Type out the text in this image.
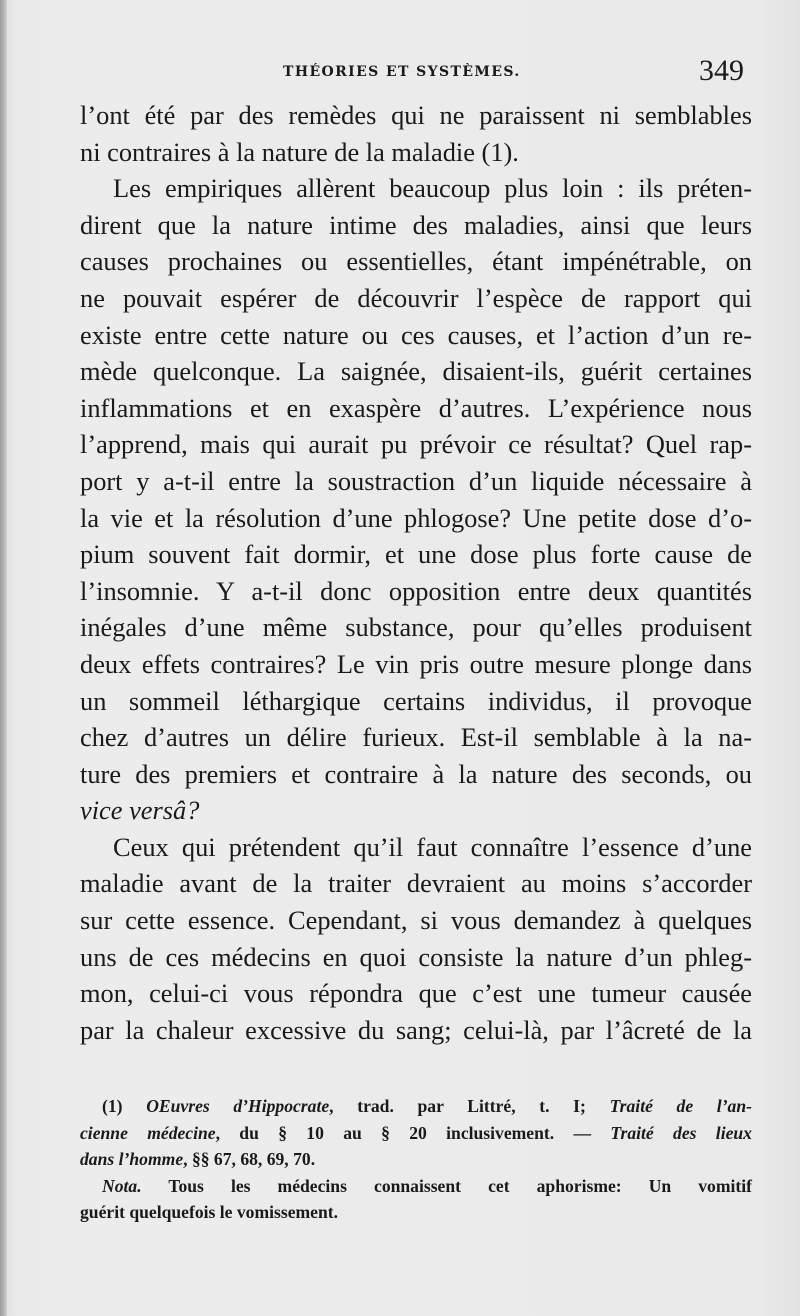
THÉORIES ET SYSTÈMES.	349
l’ont été par des remèdes qui ne paraissent ni semblables
ni contraires à la nature de la maladie (1).
Les empiriques allèrent beaucoup plus loin : ils préten-
dirent que la nature intime des maladies, ainsi que leurs
causes prochaines ou essentielles, étant impénétrable, on
ne pouvait espérer de découvrir l’espèce de rapport qui
existe entre cette nature ou ces causes, et l’action d’un re-
mède quelconque. La saignée, disaient-ils, guérit certaines
inflammations et en exaspère d’autres. L’expérience nous
l’apprend, mais qui aurait pu prévoir ce résultat? Quel rap-
port y a-t-il entre la soustraction d’un liquide nécessaire à
la vie et la résolution d’une phlogose? Une petite dose d’o-
pium souvent fait dormir, et une dose plus forte cause de
l’insomnie. Y a-t-il donc opposition entre deux quantités
inégales d’une même substance, pour qu’elles produisent
deux effets contraires? Le vin pris outre mesure plonge dans
un sommeil léthargique certains individus, il provoque
chez d’autres un délire furieux. Est-il semblable à la na-
ture des premiers et contraire à la nature des seconds, ou
vice versâ?
Ceux qui prétendent qu’il faut connaître l’essence d’une
maladie avant de la traiter devraient au moins s’accorder
sur cette essence. Cependant, si vous demandez à quelques
uns de ces médecins en quoi consiste la nature d’un phleg-
mon, celui-ci vous répondra que c’est une tumeur causée
par la chaleur excessive du sang; celui-là, par l’âcreté de la
(1) OEuvres d’Hippocrate, trad. par Littré, t. I; Traité de l’an-
cienne médecine, du § 10 au § 20 inclusivement. — Traité des lieux
dans l’homme, §§ 67, 68, 69, 70.
Nota. Tous les médecins connaissent cet aphorisme: Un vomitif
guérit quelquefois le vomissement.
